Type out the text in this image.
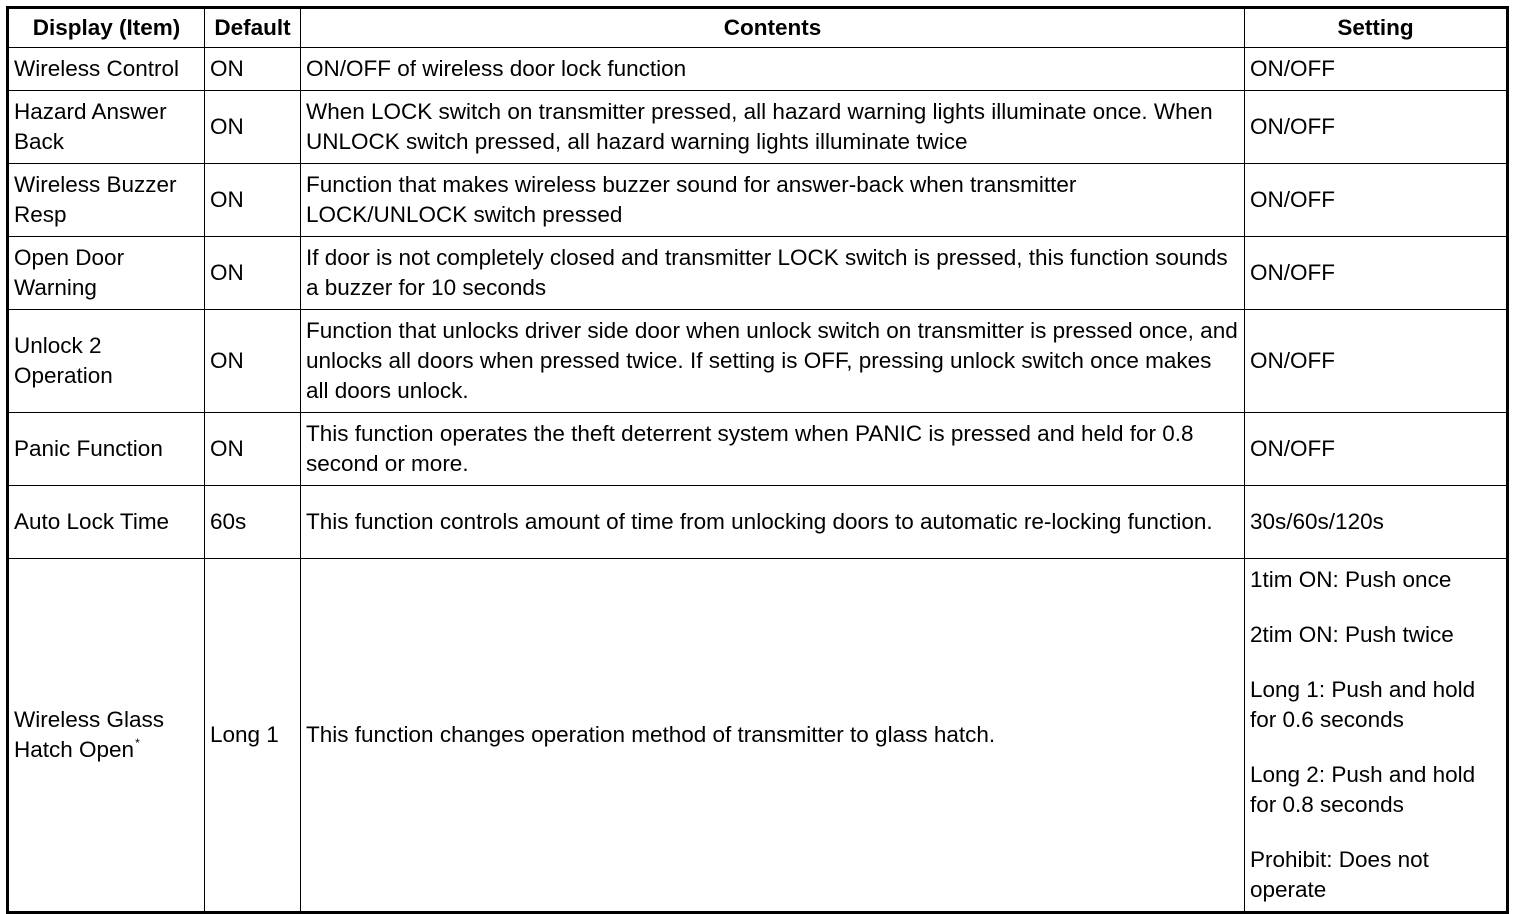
Display (Item)	Default	Contents	Setting
Wireless Control	ON	ON/OFF of wireless door lock function	ON/OFF
Hazard Answer Back	ON	When LOCK switch on transmitter pressed, all hazard warning lights illuminate once. When UNLOCK switch pressed, all hazard warning lights illuminate twice	ON/OFF
Wireless Buzzer Resp	ON	Function that makes wireless buzzer sound for answer-back when transmitter LOCK/UNLOCK switch pressed	ON/OFF
Open Door Warning	ON	If door is not completely closed and transmitter LOCK switch is pressed, this function sounds a buzzer for 10 seconds	ON/OFF
Unlock 2 Operation	ON	Function that unlocks driver side door when unlock switch on transmitter is pressed once, and unlocks all doors when pressed twice. If setting is OFF, pressing unlock switch once makes all doors unlock.	ON/OFF
Panic Function	ON	This function operates the theft deterrent system when PANIC is pressed and held for 0.8 second or more.	ON/OFF
Auto Lock Time	60s	This function controls amount of time from unlocking doors to automatic re-locking function.	30s/60s/120s
Wireless Glass Hatch Open*	Long 1	This function changes operation method of transmitter to glass hatch.	1tim ON: Push once
2tim ON: Push twice
Long 1: Push and hold for 0.6 seconds
Long 2: Push and hold for 0.8 seconds
Prohibit: Does not operate
